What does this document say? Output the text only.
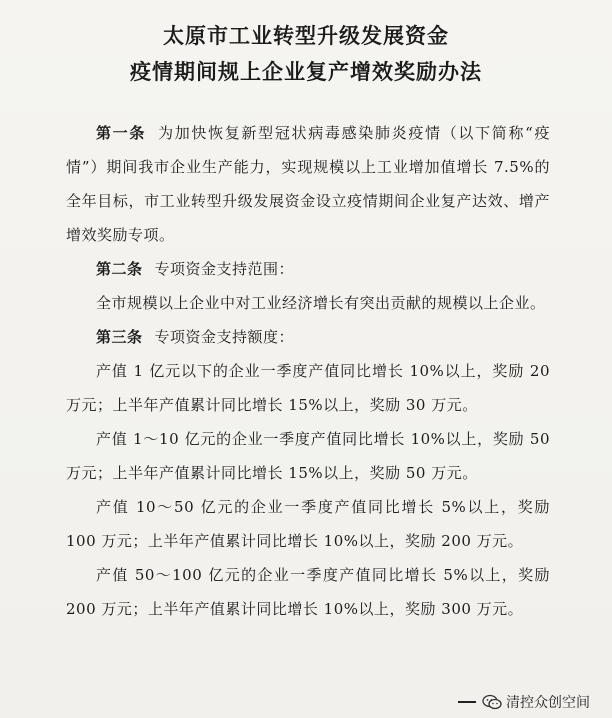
太原市工业转型升级发展资金
疫情期间规上企业复产增效奖励办法

第一条 为加快恢复新型冠状病毒感染肺炎疫情（以下简称“疫情”）期间我市企业生产能力，实现规模以上工业增加值增长 7.5%的全年目标，市工业转型升级发展资金设立疫情期间企业复产达效、增产增效奖励专项。

第二条 专项资金支持范围：

全市规模以上企业中对工业经济增长有突出贡献的规模以上企业。

第三条 专项资金支持额度：

产值 1 亿元以下的企业一季度产值同比增长 10%以上，奖励 20 万元；上半年产值累计同比增长 15%以上，奖励 30 万元。

产值 1～10 亿元的企业一季度产值同比增长 10%以上，奖励 50 万元；上半年产值累计同比增长 15%以上，奖励 50 万元。

产值 10～50 亿元的企业一季度产值同比增长 5%以上，奖励 100 万元；上半年产值累计同比增长 10%以上，奖励 200 万元。

产值 50～100 亿元的企业一季度产值同比增长 5%以上，奖励 200 万元；上半年产值累计同比增长 10%以上，奖励 300 万元。

清控众创空间
